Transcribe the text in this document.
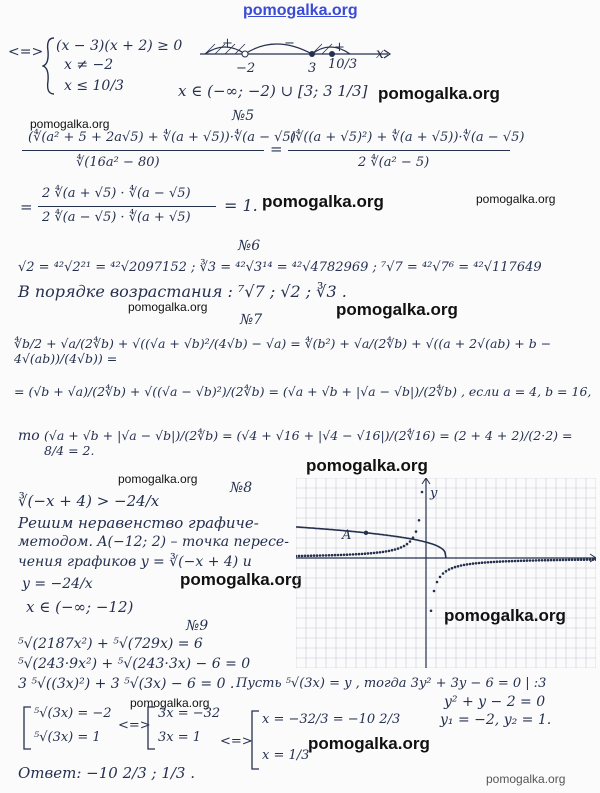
pomogalka.org
<=> (x − 3)(x + 2) ≥ 0
x ≠ −2
x ≤ 10/3
−2	3 10/3
x
+	−	+
x ∈ (−∞; −2) ∪ [3; 3 1/3] pomogalka.org
№5
pomogalka.org
(∜(a² + 5 + 2a√5) + ∜(a + √5))·∜(a − √5)
∜(16a² − 80)
=
(∜((a + √5)²) + ∜(a + √5))·∜(a − √5)
2 ∜(a² − 5)
=
2 ∜(a + √5) · ∜(a − √5)
2 ∜(a − √5) · ∜(a + √5)
= 1. pomogalka.org	pomogalka.org
№6
√2 = ⁴²√2²¹ = ⁴²√2097152 ; ∛3 = ⁴²√3¹⁴ = ⁴²√4782969 ; ⁷√7 = ⁴²√7⁶ = ⁴²√117649
В порядке возрастания : ⁷√7 ; √2 ; ∛3 .
pomogalka.org
pomogalka.org
№7
∜b/2 + √a/(2∜b) + √((√a + √b)²/(4√b) − √a) = ∜(b²) + √a/(2∜b) + √((a + 2√(ab) + b − 4√(ab))/(4√b)) =
= (√b + √a)/(2∜b) + √((√a − √b)²)/(2∜b) = (√a + √b + |√a − √b|)/(2∜b) , если a = 4, b = 16,
то (√a + √b + |√a − √b|)/(2∜b) = (√4 + √16 + |√4 − √16|)/(2∜16) = (2 + 4 + 2)/(2·2) = 8/4 = 2.
pomogalka.org
pomogalka.org
№8
∛(−x + 4) > −24/x
Решим неравенство графиче-
методом. A(−12; 2) – точка пересе-
чения графиков y = ∛(−x + 4) и
y = −24/x
x ∈ (−∞; −12)
pomogalka.org
A
y
pomogalka.org
№9
⁵√(2187x²) + ⁵√(729x) = 6
⁵√(243·9x²) + ⁵√(243·3x) − 6 = 0
3 ⁵√((3x)²) + 3 ⁵√(3x) − 6 = 0 . Пусть ⁵√(3x) = y , тогда 3y² + 3y − 6 = 0 | :3
y² + y − 2 = 0
y₁ = −2, y₂ = 1.
pomogalka.org
⁵√(3x) = −2
⁵√(3x) = 1
<=>
3x = −32
3x = 1 <=>
x = −32/3 = −10 2/3
x = 1/3
pomogalka.org
Ответ: −10 2/3 ; 1/3 .	pomogalka.org
